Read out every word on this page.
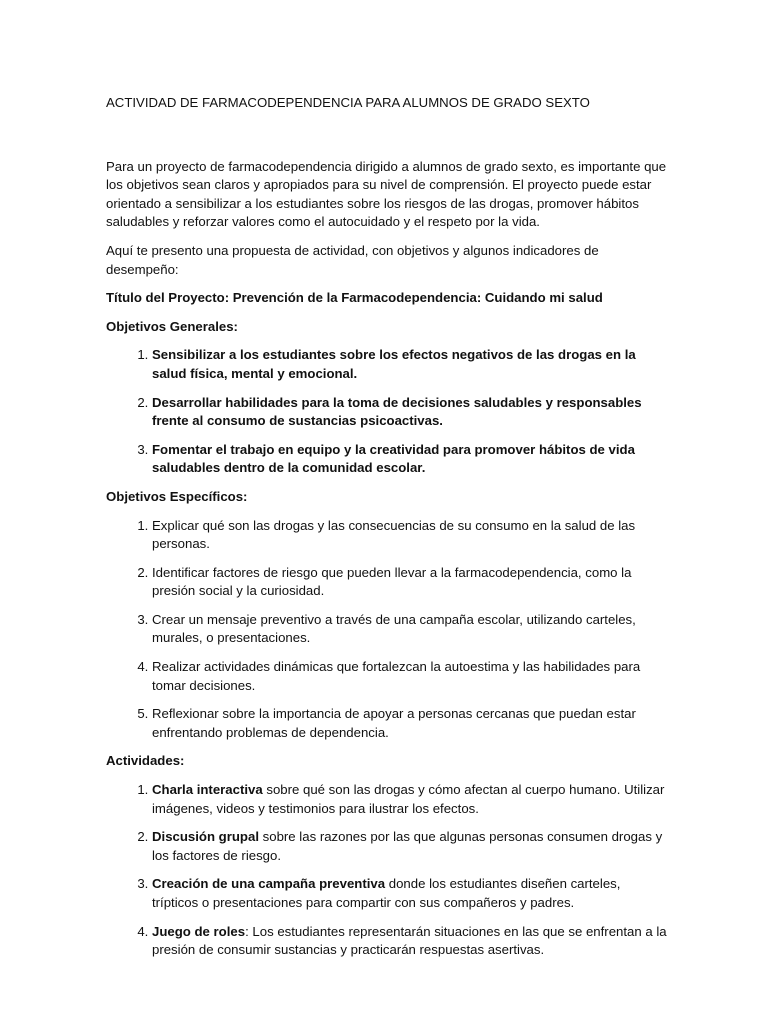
ACTIVIDAD DE FARMACODEPENDENCIA PARA ALUMNOS DE GRADO SEXTO

Para un proyecto de farmacodependencia dirigido a alumnos de grado sexto, es importante que los objetivos sean claros y apropiados para su nivel de comprensión. El proyecto puede estar orientado a sensibilizar a los estudiantes sobre los riesgos de las drogas, promover hábitos saludables y reforzar valores como el autocuidado y el respeto por la vida.

Aquí te presento una propuesta de actividad, con objetivos y algunos indicadores de desempeño:

Título del Proyecto: Prevención de la Farmacodependencia: Cuidando mi salud
Objetivos Generales:
1. Sensibilizar a los estudiantes sobre los efectos negativos de las drogas en la salud física, mental y emocional.
2. Desarrollar habilidades para la toma de decisiones saludables y responsables frente al consumo de sustancias psicoactivas.
3. Fomentar el trabajo en equipo y la creatividad para promover hábitos de vida saludables dentro de la comunidad escolar.
Objetivos Específicos:
1. Explicar qué son las drogas y las consecuencias de su consumo en la salud de las personas.
2. Identificar factores de riesgo que pueden llevar a la farmacodependencia, como la presión social y la curiosidad.
3. Crear un mensaje preventivo a través de una campaña escolar, utilizando carteles, murales, o presentaciones.
4. Realizar actividades dinámicas que fortalezcan la autoestima y las habilidades para tomar decisiones.
5. Reflexionar sobre la importancia de apoyar a personas cercanas que puedan estar enfrentando problemas de dependencia.
Actividades:
1. Charla interactiva sobre qué son las drogas y cómo afectan al cuerpo humano. Utilizar imágenes, videos y testimonios para ilustrar los efectos.
2. Discusión grupal sobre las razones por las que algunas personas consumen drogas y los factores de riesgo.
3. Creación de una campaña preventiva donde los estudiantes diseñen carteles, trípticos o presentaciones para compartir con sus compañeros y padres.
4. Juego de roles: Los estudiantes representarán situaciones en las que se enfrentan a la presión de consumir sustancias y practicarán respuestas asertivas.
